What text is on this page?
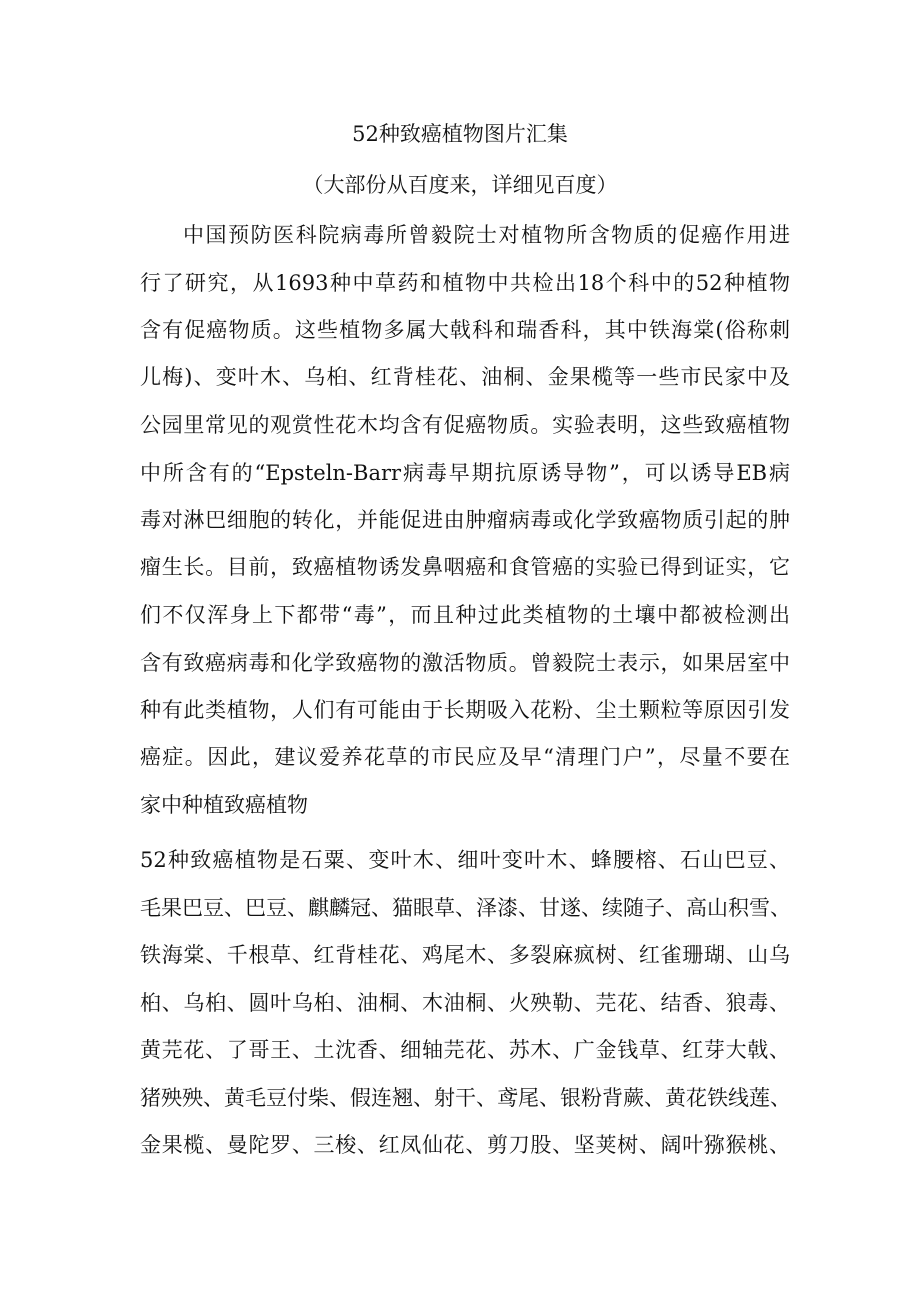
52种致癌植物图片汇集
（大部份从百度来，详细见百度）
中国预防医科院病毒所曾毅院士对植物所含物质的促癌作用进
行了研究，从1693种中草药和植物中共检出18个科中的52种植物
含有促癌物质。这些植物多属大戟科和瑞香科，其中铁海棠(俗称刺
儿梅)、变叶木、乌桕、红背桂花、油桐、金果榄等一些市民家中及
公园里常见的观赏性花木均含有促癌物质。实验表明，这些致癌植物
中所含有的“Epsteln-Barr病毒早期抗原诱导物”，可以诱导EB病
毒对淋巴细胞的转化，并能促进由肿瘤病毒或化学致癌物质引起的肿
瘤生长。目前，致癌植物诱发鼻咽癌和食管癌的实验已得到证实，它
们不仅浑身上下都带“毒”，而且种过此类植物的土壤中都被检测出
含有致癌病毒和化学致癌物的激活物质。曾毅院士表示，如果居室中
种有此类植物，人们有可能由于长期吸入花粉、尘土颗粒等原因引发
癌症。因此，建议爱养花草的市民应及早“清理门户”，尽量不要在
家中种植致癌植物
52种致癌植物是石粟、变叶木、细叶变叶木、蜂腰榕、石山巴豆、
毛果巴豆、巴豆、麒麟冠、猫眼草、泽漆、甘遂、续随子、高山积雪、
铁海棠、千根草、红背桂花、鸡尾木、多裂麻疯树、红雀珊瑚、山乌
桕、乌桕、圆叶乌桕、油桐、木油桐、火殃勒、芫花、结香、狼毒、
黄芫花、了哥王、土沈香、细轴芫花、苏木、广金钱草、红芽大戟、
猪殃殃、黄毛豆付柴、假连翘、射干、鸢尾、银粉背蕨、黄花铁线莲、
金果榄、曼陀罗、三梭、红凤仙花、剪刀股、坚荚树、阔叶猕猴桃、
